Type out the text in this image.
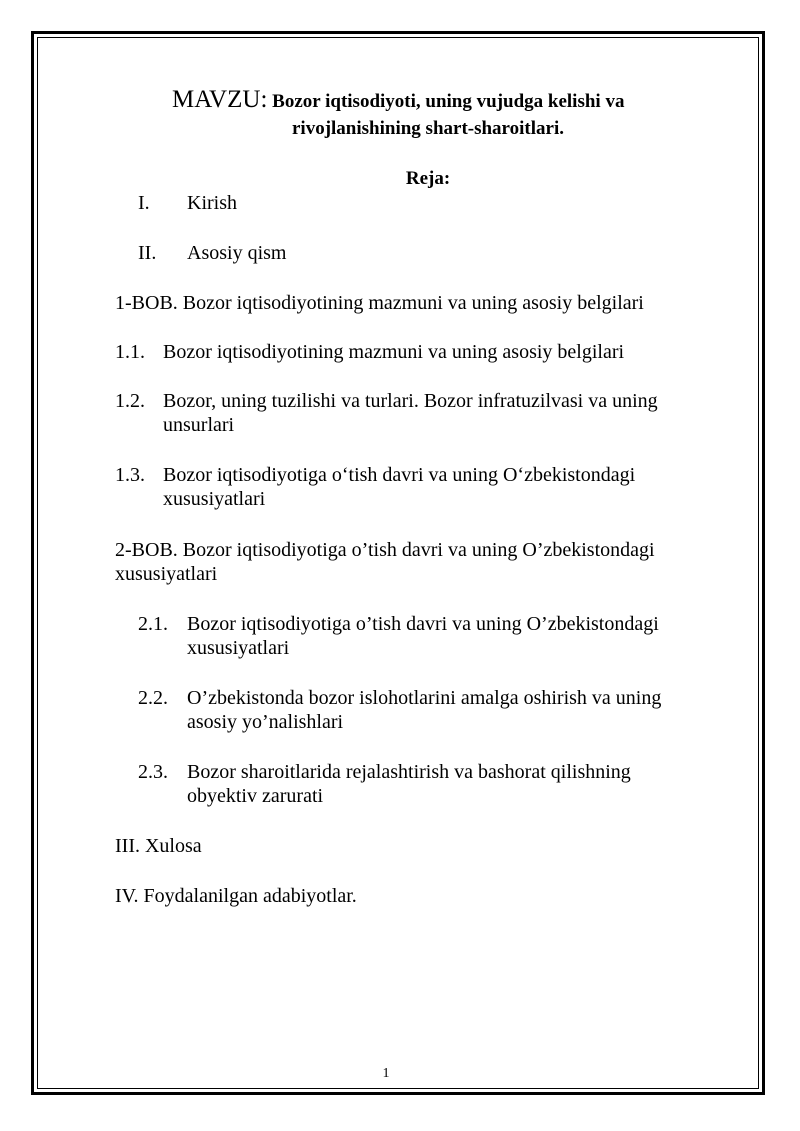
MAVZU: Bozor iqtisodiyoti, uning vujudga kelishi va
rivojlanishining shart-sharoitlari.
Reja:
I. Kirish
II. Asosiy qism
1-BOB. Bozor iqtisodiyotining mazmuni va uning asosiy belgilari
1.1. Bozor iqtisodiyotining mazmuni va uning asosiy belgilari
1.2. Bozor, uning tuzilishi va turlari. Bozor infratuzilvasi va uning
unsurlari
1.3. Bozor iqtisodiyotiga o‘tish davri va uning O‘zbekistondagi
xususiyatlari
2-BOB. Bozor iqtisodiyotiga o’tish davri va uning O’zbekistondagi
xususiyatlari
2.1. Bozor iqtisodiyotiga o’tish davri va uning O’zbekistondagi
xususiyatlari
2.2. O’zbekistonda bozor islohotlarini amalga oshirish va uning
asosiy yo’nalishlari
2.3. Bozor sharoitlarida rejalashtirish va bashorat qilishning
obyektiv zarurati
III. Xulosa
IV. Foydalanilgan adabiyotlar.
1
